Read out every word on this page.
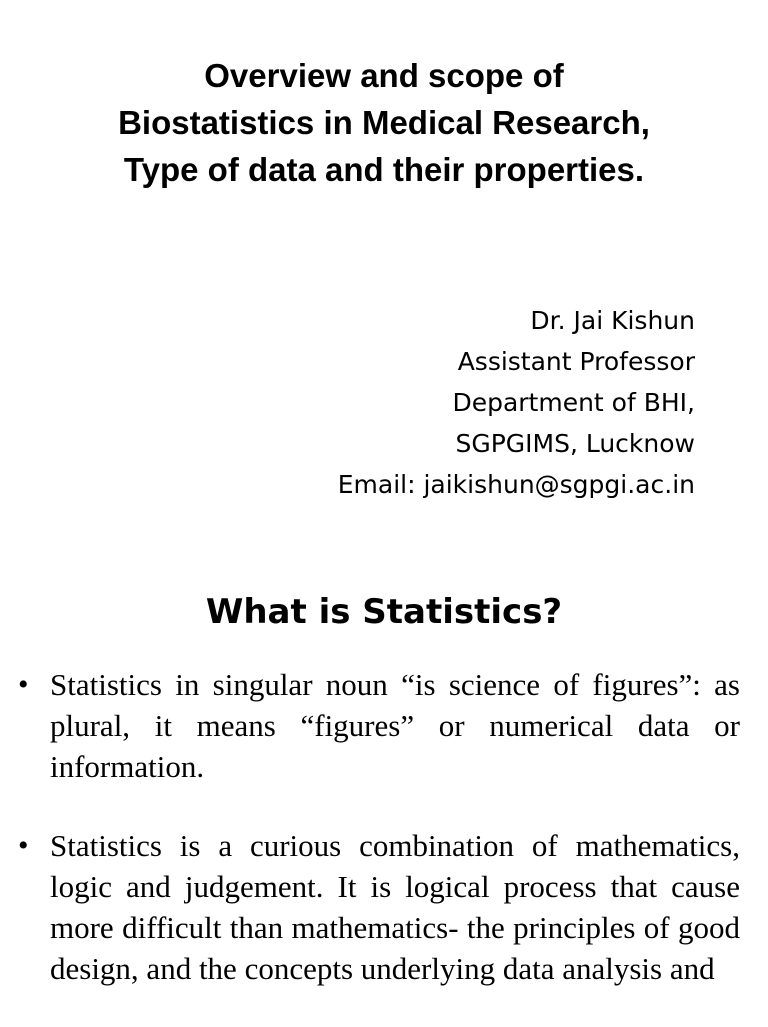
Overview and scope of
Biostatistics in Medical Research,
Type of data and their properties.
Dr. Jai Kishun
Assistant Professor
Department of BHI,
SGPGIMS, Lucknow
Email: jaikishun@sgpgi.ac.in
What is Statistics?
• Statistics in singular noun “is science of figures”: as plural, it means “figures” or numerical data or information.
• Statistics is a curious combination of mathematics, logic and judgement. It is logical process that cause more difficult than mathematics- the principles of good design, and the concepts underlying data analysis and
